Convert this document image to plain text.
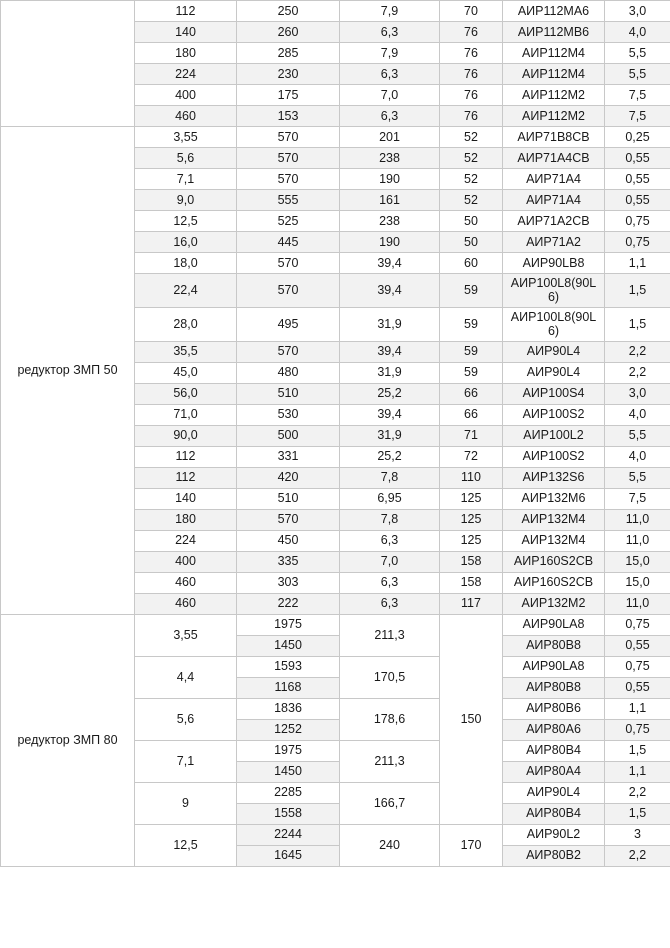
	112	250	7,9	70	АИР112МА6	3,0
	140	260	6,3	76	АИР112МВ6	4,0
	180	285	7,9	76	АИР112М4	5,5
	224	230	6,3	76	АИР112М4	5,5
	400	175	7,0	76	АИР112М2	7,5
	460	153	6,3	76	АИР112М2	7,5
редуктор ЗМП 50	3,55	570	201	52	АИР71В8СВ	0,25
	5,6	570	238	52	АИР71А4СВ	0,55
	7,1	570	190	52	АИР71А4	0,55
	9,0	555	161	52	АИР71А4	0,55
	12,5	525	238	50	АИР71А2СВ	0,75
	16,0	445	190	50	АИР71А2	0,75
	18,0	570	39,4	60	АИР90LВ8	1,1
	22,4	570	39,4	59	АИР100L8(90L6)	1,5
	28,0	495	31,9	59	АИР100L8(90L6)	1,5
	35,5	570	39,4	59	АИР90L4	2,2
	45,0	480	31,9	59	АИР90L4	2,2
	56,0	510	25,2	66	АИР100S4	3,0
	71,0	530	39,4	66	АИР100S2	4,0
	90,0	500	31,9	71	АИР100L2	5,5
	112	331	25,2	72	АИР100S2	4,0
	112	420	7,8	110	АИР132S6	5,5
	140	510	6,95	125	АИР132М6	7,5
	180	570	7,8	125	АИР132М4	11,0
	224	450	6,3	125	АИР132М4	11,0
	400	335	7,0	158	АИР160S2СВ	15,0
	460	303	6,3	158	АИР160S2СВ	15,0
	460	222	6,3	117	АИР132М2	11,0
редуктор ЗМП 80	3,55	1975	211,3	150	АИР90LА8	0,75
		1450			АИР80В8	0,55
	4,4	1593	170,5		АИР90LА8	0,75
		1168			АИР80В8	0,55
	5,6	1836	178,6		АИР80В6	1,1
		1252			АИР80А6	0,75
	7,1	1975	211,3		АИР80В4	1,5
		1450			АИР80А4	1,1
	9	2285	166,7		АИР90L4	2,2
		1558			АИР80В4	1,5
	12,5	2244	240	170	АИР90L2	3
		1645			АИР80В2	2,2
